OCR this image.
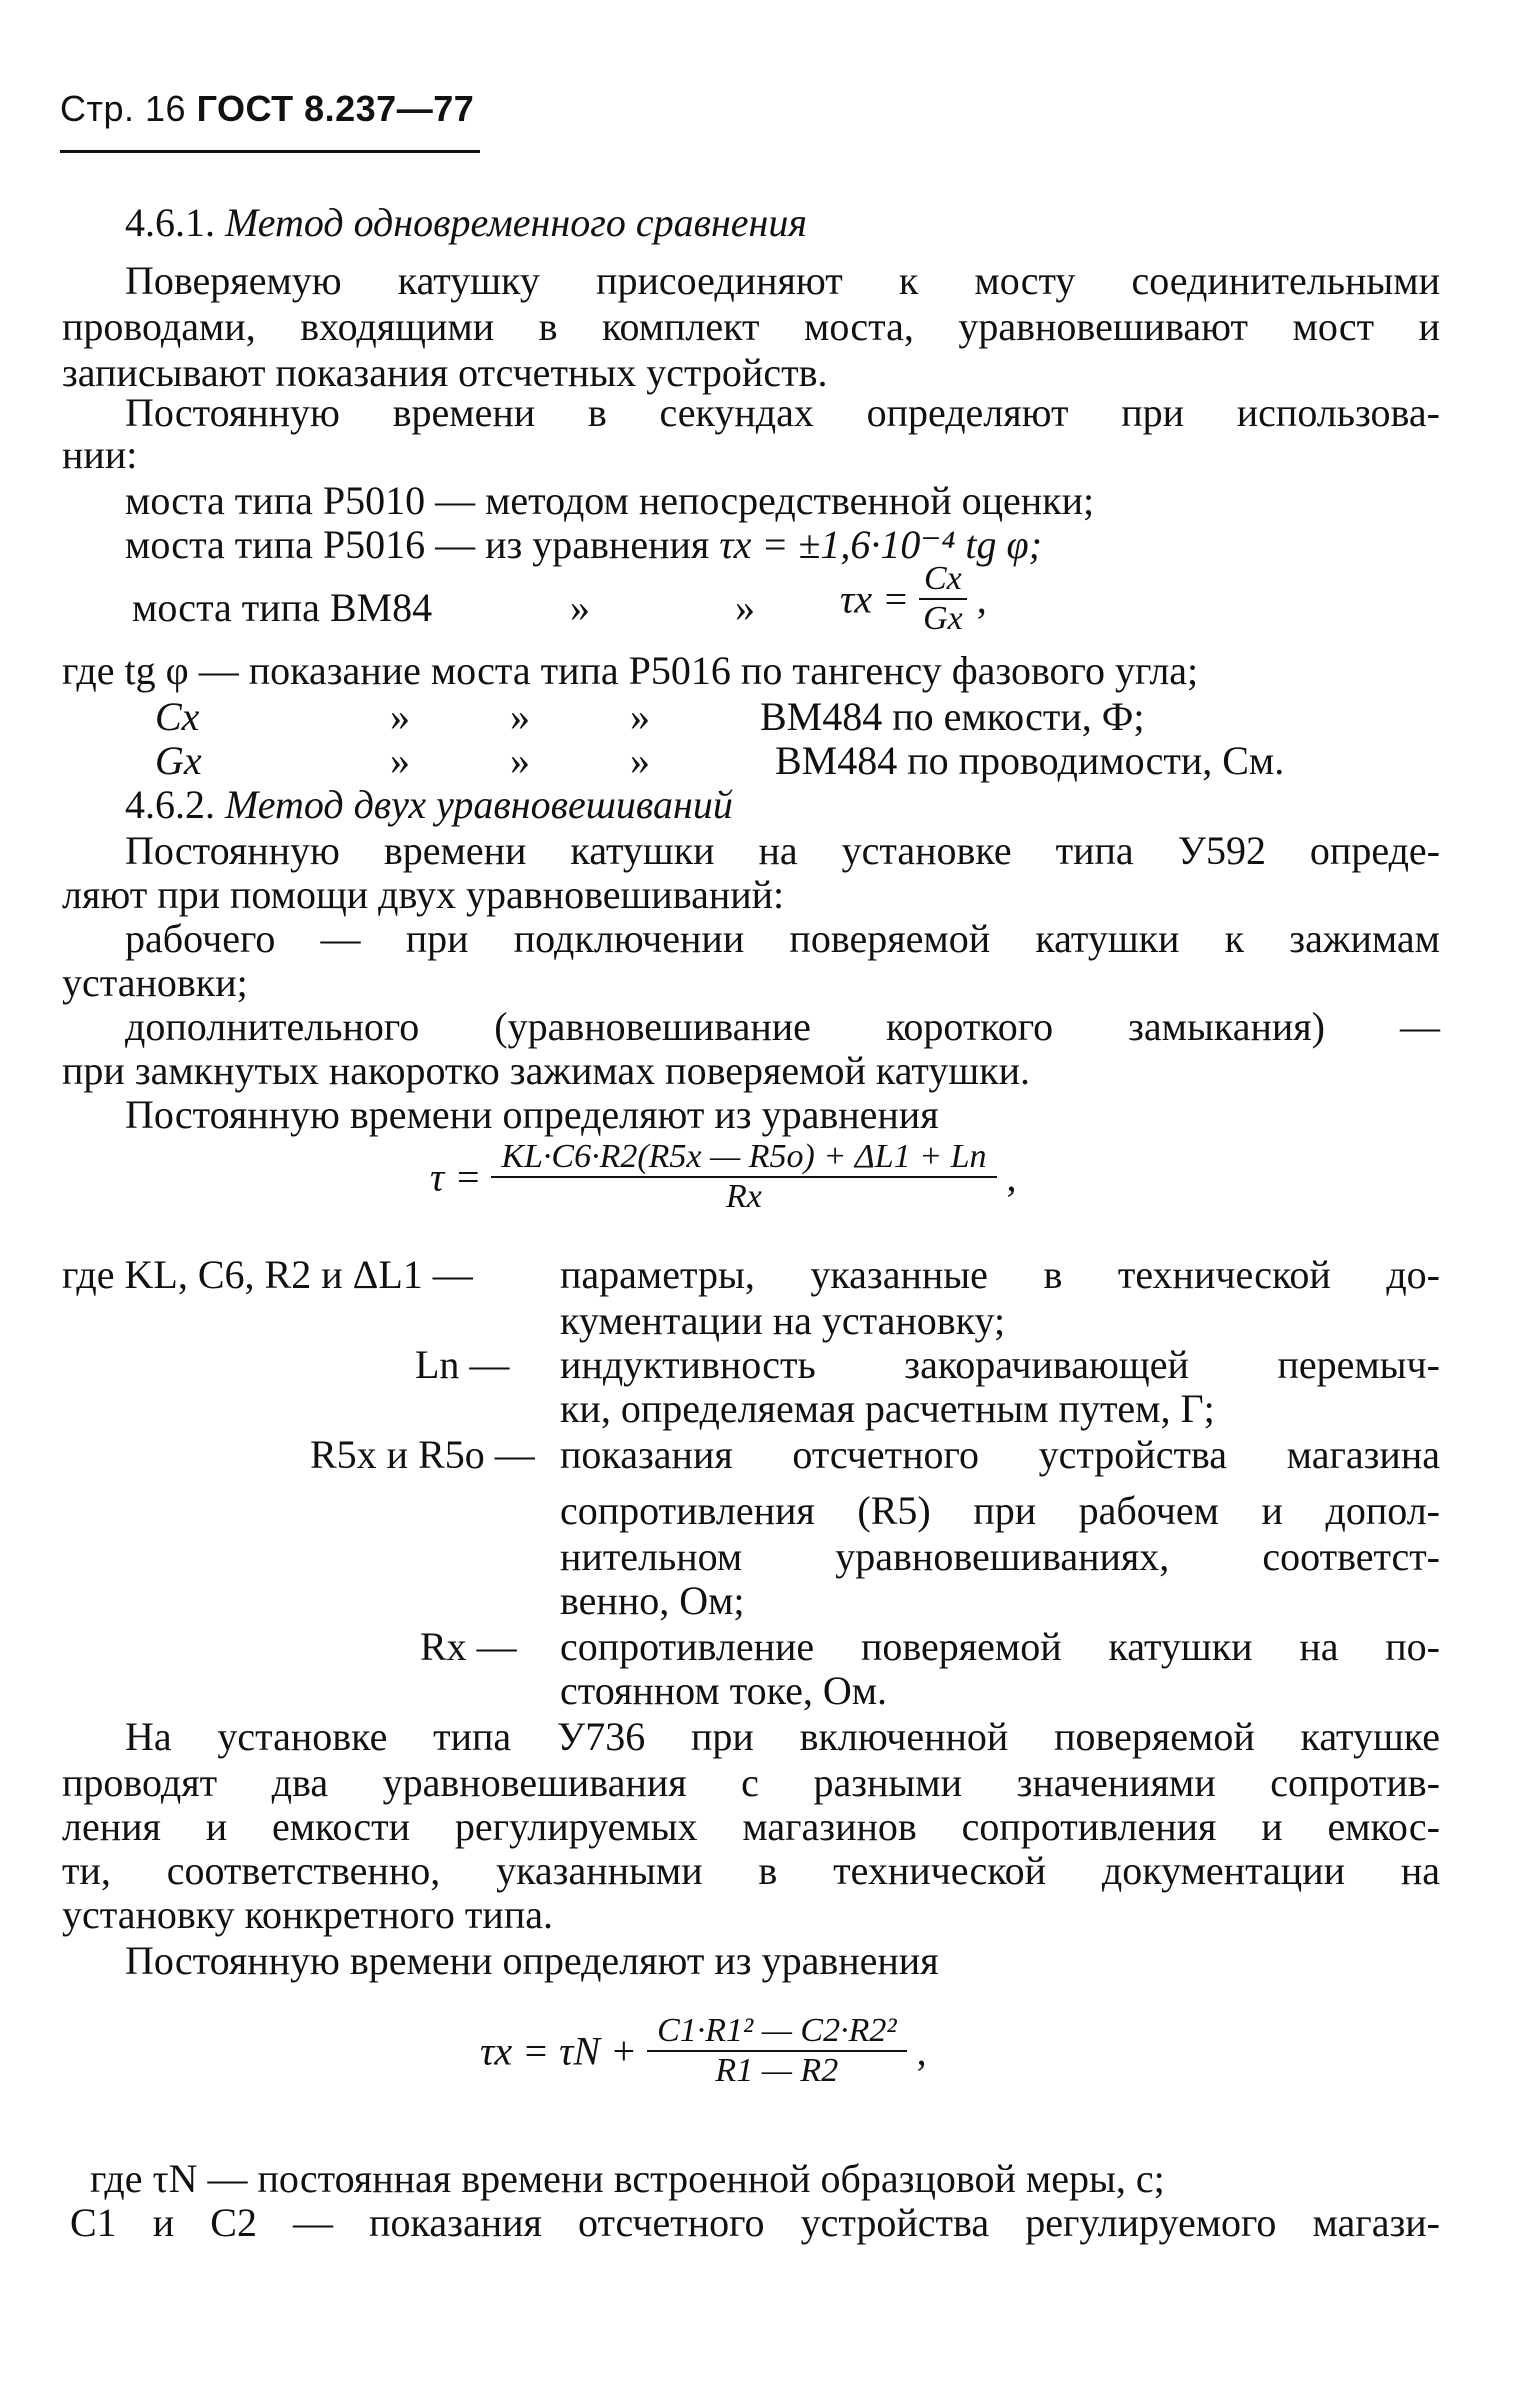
Стр. 16 ГОСТ 8.237—77
4.6.1. Метод одновременного сравнения
Поверяемую катушку присоединяют к мосту соединительными
проводами, входящими в комплект моста, уравновешивают мост и
записывают показания отсчетных устройств.
Постоянную времени в секундах определяют при использова-
нии:
моста типа Р5010 — методом непосредственной оценки;
моста типа Р5016 — из уравнения τx = ±1,6·10⁻⁴ tg φ;
моста типа ВМ84	»	» $\tau x = \frac{Cx}{Gx}$ ,
где tg φ — показание моста типа Р5016 по тангенсу фазового угла;
Cx	»          »          »	ВМ484 по емкости, Ф;
Gx	»          »          »	ВМ484 по проводимости, См.
4.6.2. Метод двух уравновешиваний
Постоянную времени катушки на установке типа У592 опреде-
ляют при помощи двух уравновешиваний:
рабочего — при подключении поверяемой катушки к зажимам
установки;
дополнительного (уравновешивание короткого замыкания) —
при замкнутых накоротко зажимах поверяемой катушки.
Постоянную времени определяют из уравнения
$\tau = \frac{KL\cdot C6\cdot R2(R5x — R5o) + \Delta L1 + Ln}{Rx}$ ,
где KL, C6, R2 и ΔL1 — параметры, указанные в технической до-
кументации на установку;
Ln — индуктивность закорачивающей перемыч-
ки, определяемая расчетным путем, Г;
R5x и R5o — показания отсчетного устройства магазина
сопротивления (R5) при рабочем и допол-
нительном уравновешиваниях, соответст-
венно, Ом;
Rx — сопротивление поверяемой катушки на по-
стоянном токе, Ом.
На установке типа У736 при включенной поверяемой катушке
проводят два уравновешивания с разными значениями сопротив-
ления и емкости регулируемых магазинов сопротивления и емкос-
ти, соответственно, указанными в технической документации на
установку конкретного типа.
Постоянную времени определяют из уравнения
$\tau x = \tau N + \frac{\text{C1·R1² — C2·R2²}}{R1 — R2}$ ,
где τN — постоянная времени встроенной образцовой меры, с;
C1 и C2 — показания отсчетного устройства регулируемого магази-
